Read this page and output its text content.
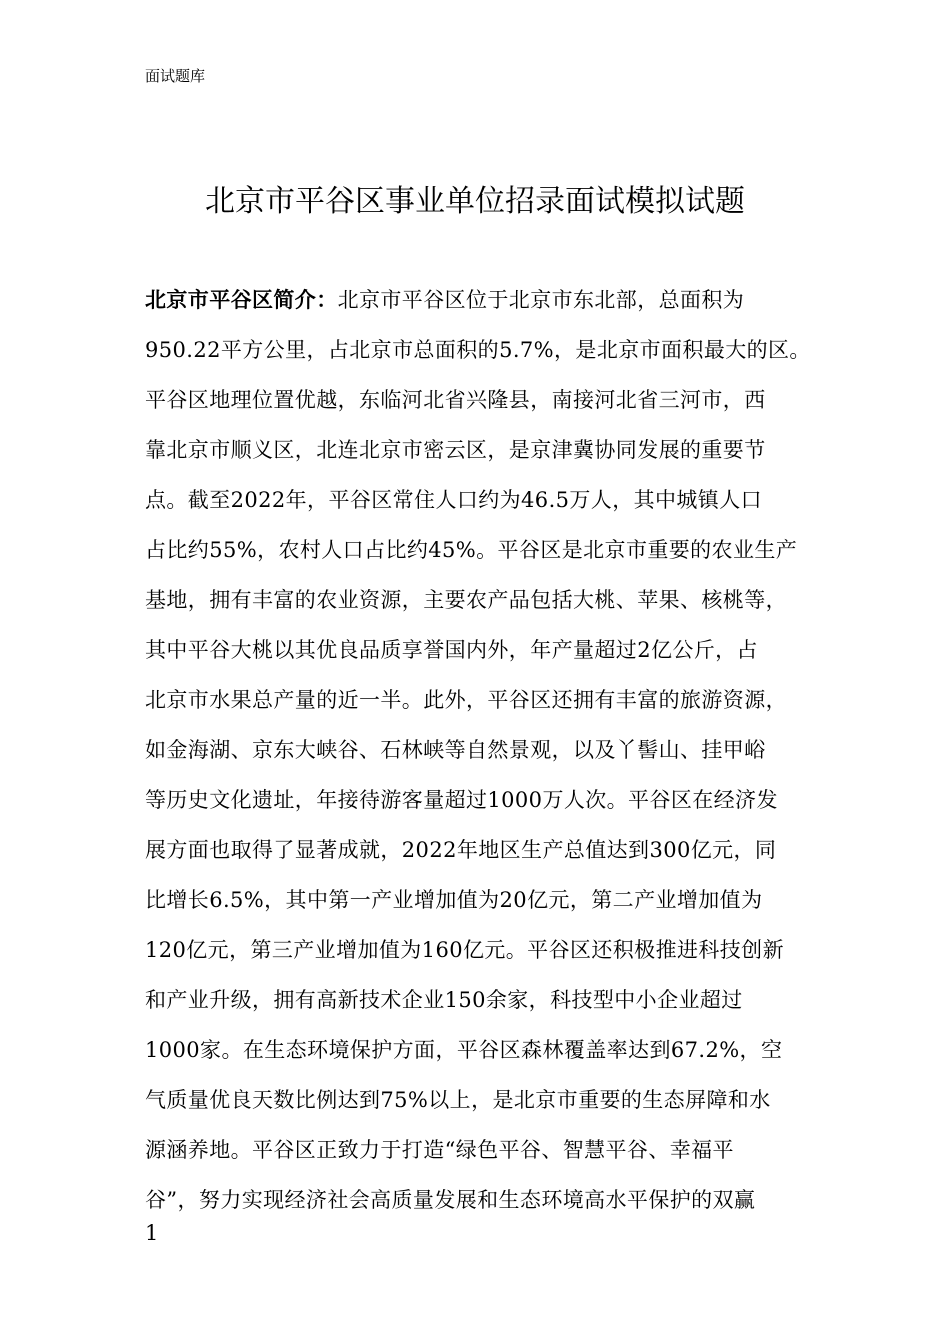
面试题库
北京市平谷区事业单位招录面试模拟试题
北京市平谷区简介：北京市平谷区位于北京市东北部，总面积为
950.22平方公里，占北京市总面积的5.7%，是北京市面积最大的区。
平谷区地理位置优越，东临河北省兴隆县，南接河北省三河市，西
靠北京市顺义区，北连北京市密云区，是京津冀协同发展的重要节
点。截至2022年，平谷区常住人口约为46.5万人，其中城镇人口
占比约55%，农村人口占比约45%。平谷区是北京市重要的农业生产
基地，拥有丰富的农业资源，主要农产品包括大桃、苹果、核桃等，
其中平谷大桃以其优良品质享誉国内外，年产量超过2亿公斤，占
北京市水果总产量的近一半。此外，平谷区还拥有丰富的旅游资源，
如金海湖、京东大峡谷、石林峡等自然景观，以及丫髻山、挂甲峪
等历史文化遗址，年接待游客量超过1000万人次。平谷区在经济发
展方面也取得了显著成就，2022年地区生产总值达到300亿元，同
比增长6.5%，其中第一产业增加值为20亿元，第二产业增加值为
120亿元，第三产业增加值为160亿元。平谷区还积极推进科技创新
和产业升级，拥有高新技术企业150余家，科技型中小企业超过
1000家。在生态环境保护方面，平谷区森林覆盖率达到67.2%，空
气质量优良天数比例达到75%以上，是北京市重要的生态屏障和水
源涵养地。平谷区正致力于打造“绿色平谷、智慧平谷、幸福平
谷”，努力实现经济社会高质量发展和生态环境高水平保护的双赢
1
